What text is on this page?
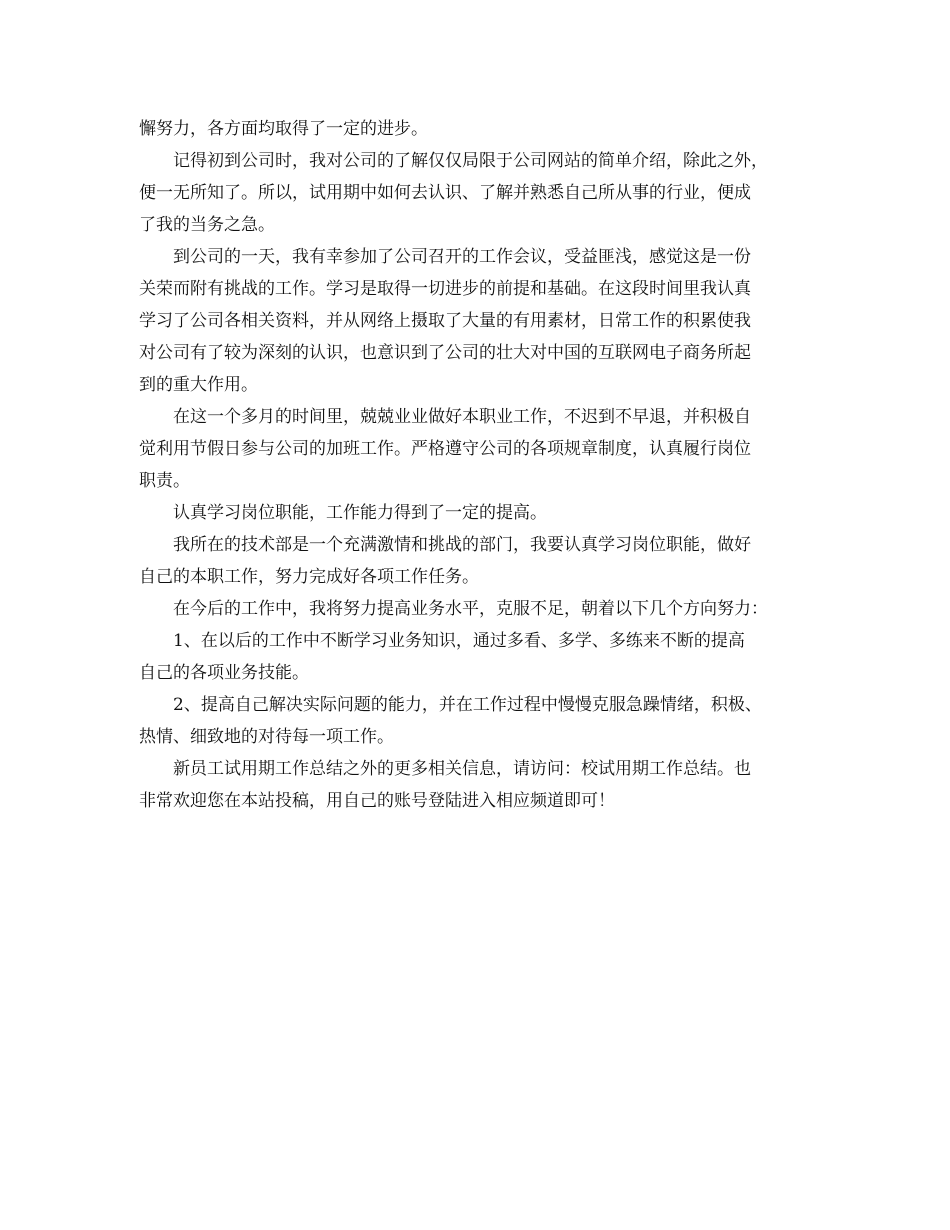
懈努力，各方面均取得了一定的进步。
记得初到公司时，我对公司的了解仅仅局限于公司网站的简单介绍，除此之外，
便一无所知了。所以，试用期中如何去认识、了解并熟悉自己所从事的行业，便成
了我的当务之急。
到公司的一天，我有幸参加了公司召开的工作会议，受益匪浅，感觉这是一份
关荣而附有挑战的工作。学习是取得一切进步的前提和基础。在这段时间里我认真
学习了公司各相关资料，并从网络上摄取了大量的有用素材，日常工作的积累使我
对公司有了较为深刻的认识，也意识到了公司的壮大对中国的互联网电子商务所起
到的重大作用。
在这一个多月的时间里，兢兢业业做好本职业工作，不迟到不早退，并积极自
觉利用节假日参与公司的加班工作。严格遵守公司的各项规章制度，认真履行岗位
职责。
认真学习岗位职能，工作能力得到了一定的提高。
我所在的技术部是一个充满激情和挑战的部门，我要认真学习岗位职能，做好
自己的本职工作，努力完成好各项工作任务。
在今后的工作中，我将努力提高业务水平，克服不足，朝着以下几个方向努力：
1、在以后的工作中不断学习业务知识，通过多看、多学、多练来不断的提高
自己的各项业务技能。
2、提高自己解决实际问题的能力，并在工作过程中慢慢克服急躁情绪，积极、
热情、细致地的对待每一项工作。
新员工试用期工作总结之外的更多相关信息，请访问：校试用期工作总结。也
非常欢迎您在本站投稿，用自己的账号登陆进入相应频道即可！
